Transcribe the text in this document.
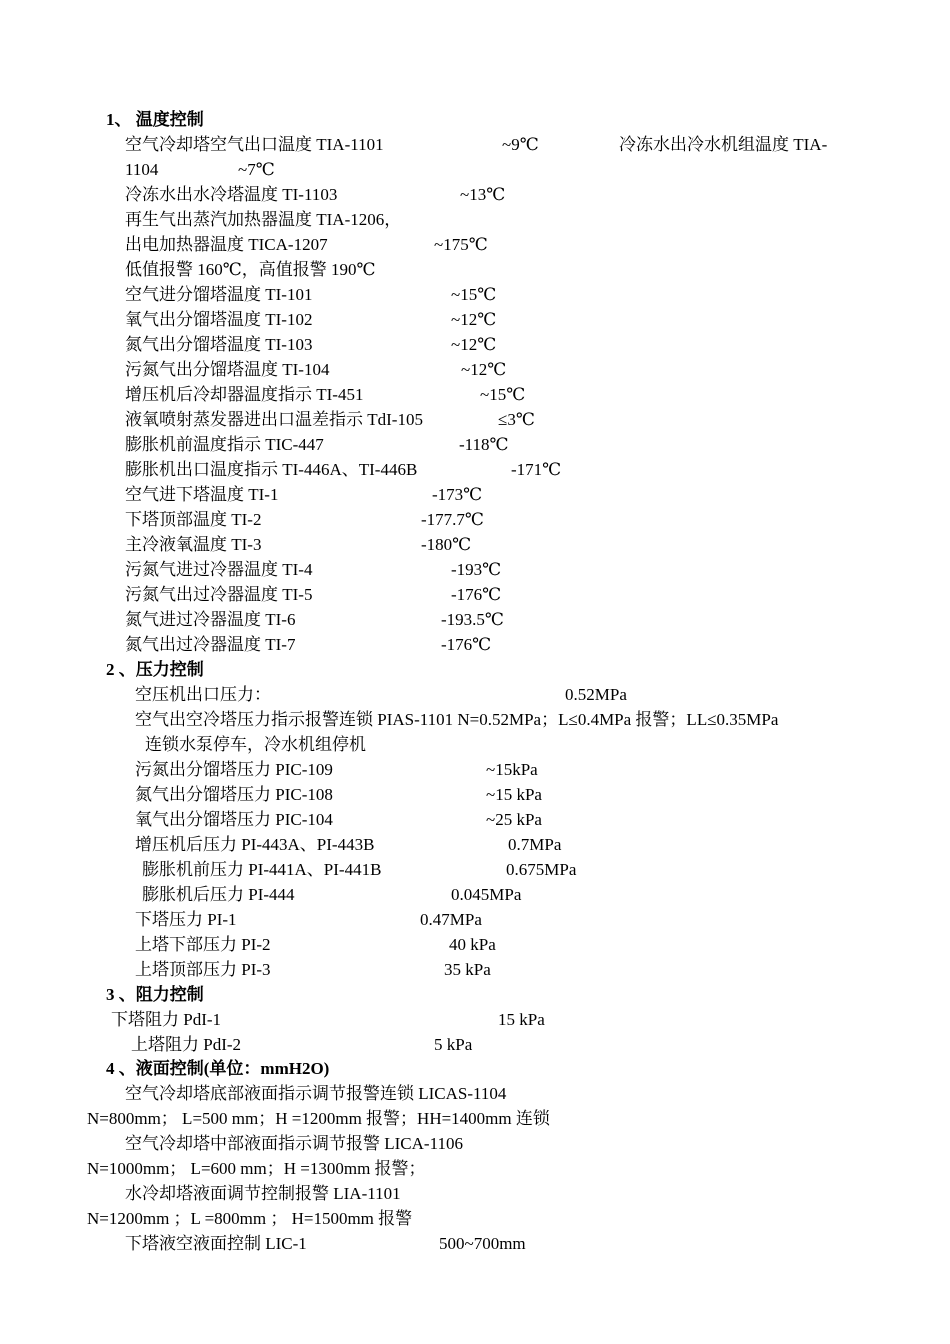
1、 温度控制
空气冷却塔空气出口温度 TIA-1101	~9℃	冷冻水出冷水机组温度 TIA-
1104	~7℃
冷冻水出水冷塔温度 TI-1103	~13℃
再生气出蒸汽加热器温度 TIA-1206，
出电加热器温度 TICA-1207	~175℃
低值报警 160℃，高值报警 190℃
空气进分馏塔温度 TI-101	~15℃
氧气出分馏塔温度 TI-102	~12℃
氮气出分馏塔温度 TI-103	~12℃
污氮气出分馏塔温度 TI-104	~12℃
增压机后冷却器温度指示 TI-451	~15℃
液氧喷射蒸发器进出口温差指示 TdI-105	≤3℃
膨胀机前温度指示 TIC-447	-118℃
膨胀机出口温度指示 TI-446A、TI-446B	-171℃
空气进下塔温度 TI-1	-173℃
下塔顶部温度 TI-2	-177.7℃
主冷液氧温度 TI-3	-180℃
污氮气进过冷器温度 TI-4	-193℃
污氮气出过冷器温度 TI-5	-176℃
氮气进过冷器温度 TI-6	-193.5℃
氮气出过冷器温度 TI-7	-176℃
2 、压力控制
空压机出口压力：	0.52MPa
空气出空冷塔压力指示报警连锁 PIAS-1101 N=0.52MPa；L≤0.4MPa 报警；LL≤0.35MPa
连锁水泵停车，冷水机组停机
污氮出分馏塔压力 PIC-109	~15kPa
氮气出分馏塔压力 PIC-108	~15 kPa
氧气出分馏塔压力 PIC-104	~25 kPa
增压机后压力 PI-443A、PI-443B	0.7MPa
膨胀机前压力 PI-441A、PI-441B	0.675MPa
膨胀机后压力 PI-444	0.045MPa
下塔压力 PI-1	0.47MPa
上塔下部压力 PI-2	40 kPa
上塔顶部压力 PI-3	35 kPa
3 、阻力控制
下塔阻力 PdI-1	15 kPa
上塔阻力 PdI-2	5 kPa
4 、液面控制(单位：mmH2O)
空气冷却塔底部液面指示调节报警连锁 LICAS-1104
N=800mm； L=500 mm；H =1200mm 报警；HH=1400mm 连锁
空气冷却塔中部液面指示调节报警 LICA-1106
N=1000mm； L=600 mm；H =1300mm 报警；
水冷却塔液面调节控制报警 LIA-1101
N=1200mm ；L =800mm ； H=1500mm 报警
下塔液空液面控制 LIC-1	500~700mm
